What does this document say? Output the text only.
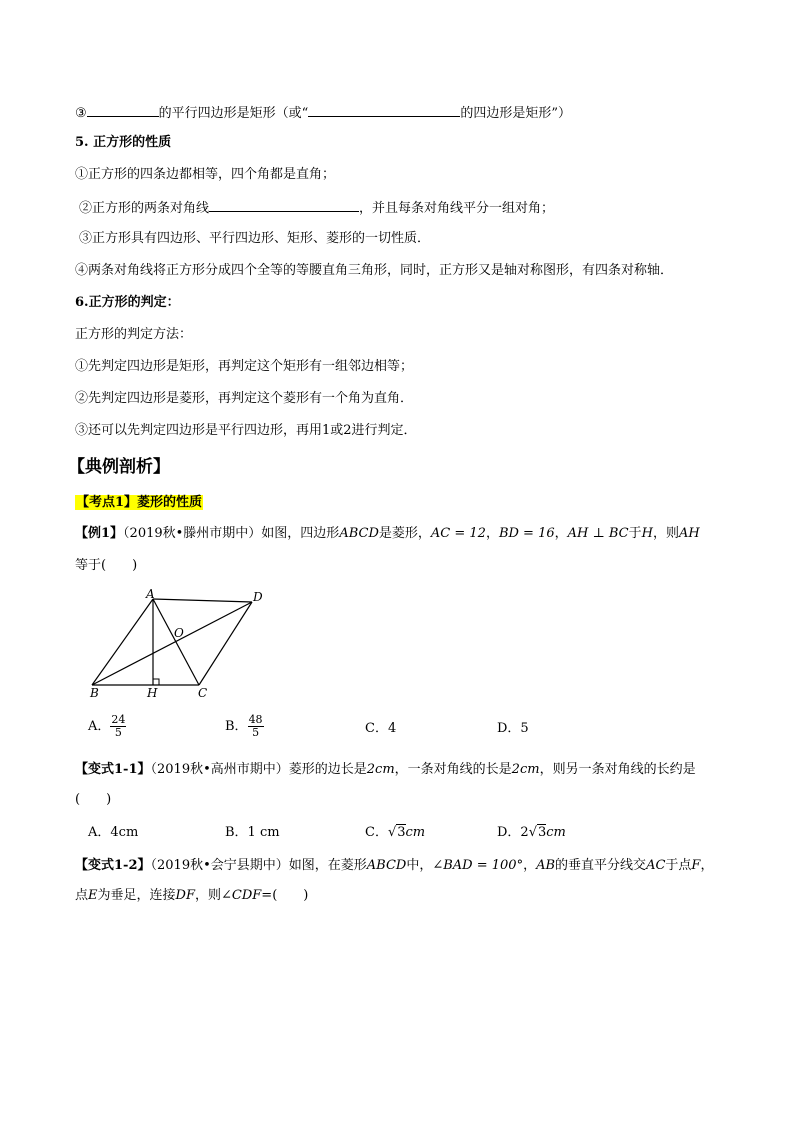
③	的平行四边形是矩形（或“	的四边形是矩形”）
5. 正方形的性质
①正方形的四条边都相等，四个角都是直角；
②正方形的两条对角线	，并且每条对角线平分一组对角；
③正方形具有四边形、平行四边形、矩形、菱形的一切性质．
④两条对角线将正方形分成四个全等的等腰直角三角形，同时，正方形又是轴对称图形，有四条对称轴．
6.正方形的判定：
正方形的判定方法：
①先判定四边形是矩形，再判定这个矩形有一组邻边相等；
②先判定四边形是菱形，再判定这个菱形有一个角为直角．
③还可以先判定四边形是平行四边形，再用1或2进行判定．
【典例剖析】
【考点1】菱形的性质
【例1】（2019秋•滕州市期中）如图，四边形ABCD是菱形，AC = 12，BD = 16，AH ⊥ BC于H，则AH
等于(　　)
A	D
O
B	H	C
A． $\frac{24}{5}$	B． $\frac{48}{5}$	C．4	D．5
【变式1-1】（2019秋•高州市期中）菱形的边长是2cm，一条对角线的长是2cm，则另一条对角线的长约是
(　　)
A．4cm	B．1 cm	C．√3cm	D．2√3cm
【变式1-2】（2019秋•会宁县期中）如图，在菱形ABCD中，∠BAD = 100°，AB的垂直平分线交AC于点F，
点E为垂足，连接DF，则∠CDF=(　　)
